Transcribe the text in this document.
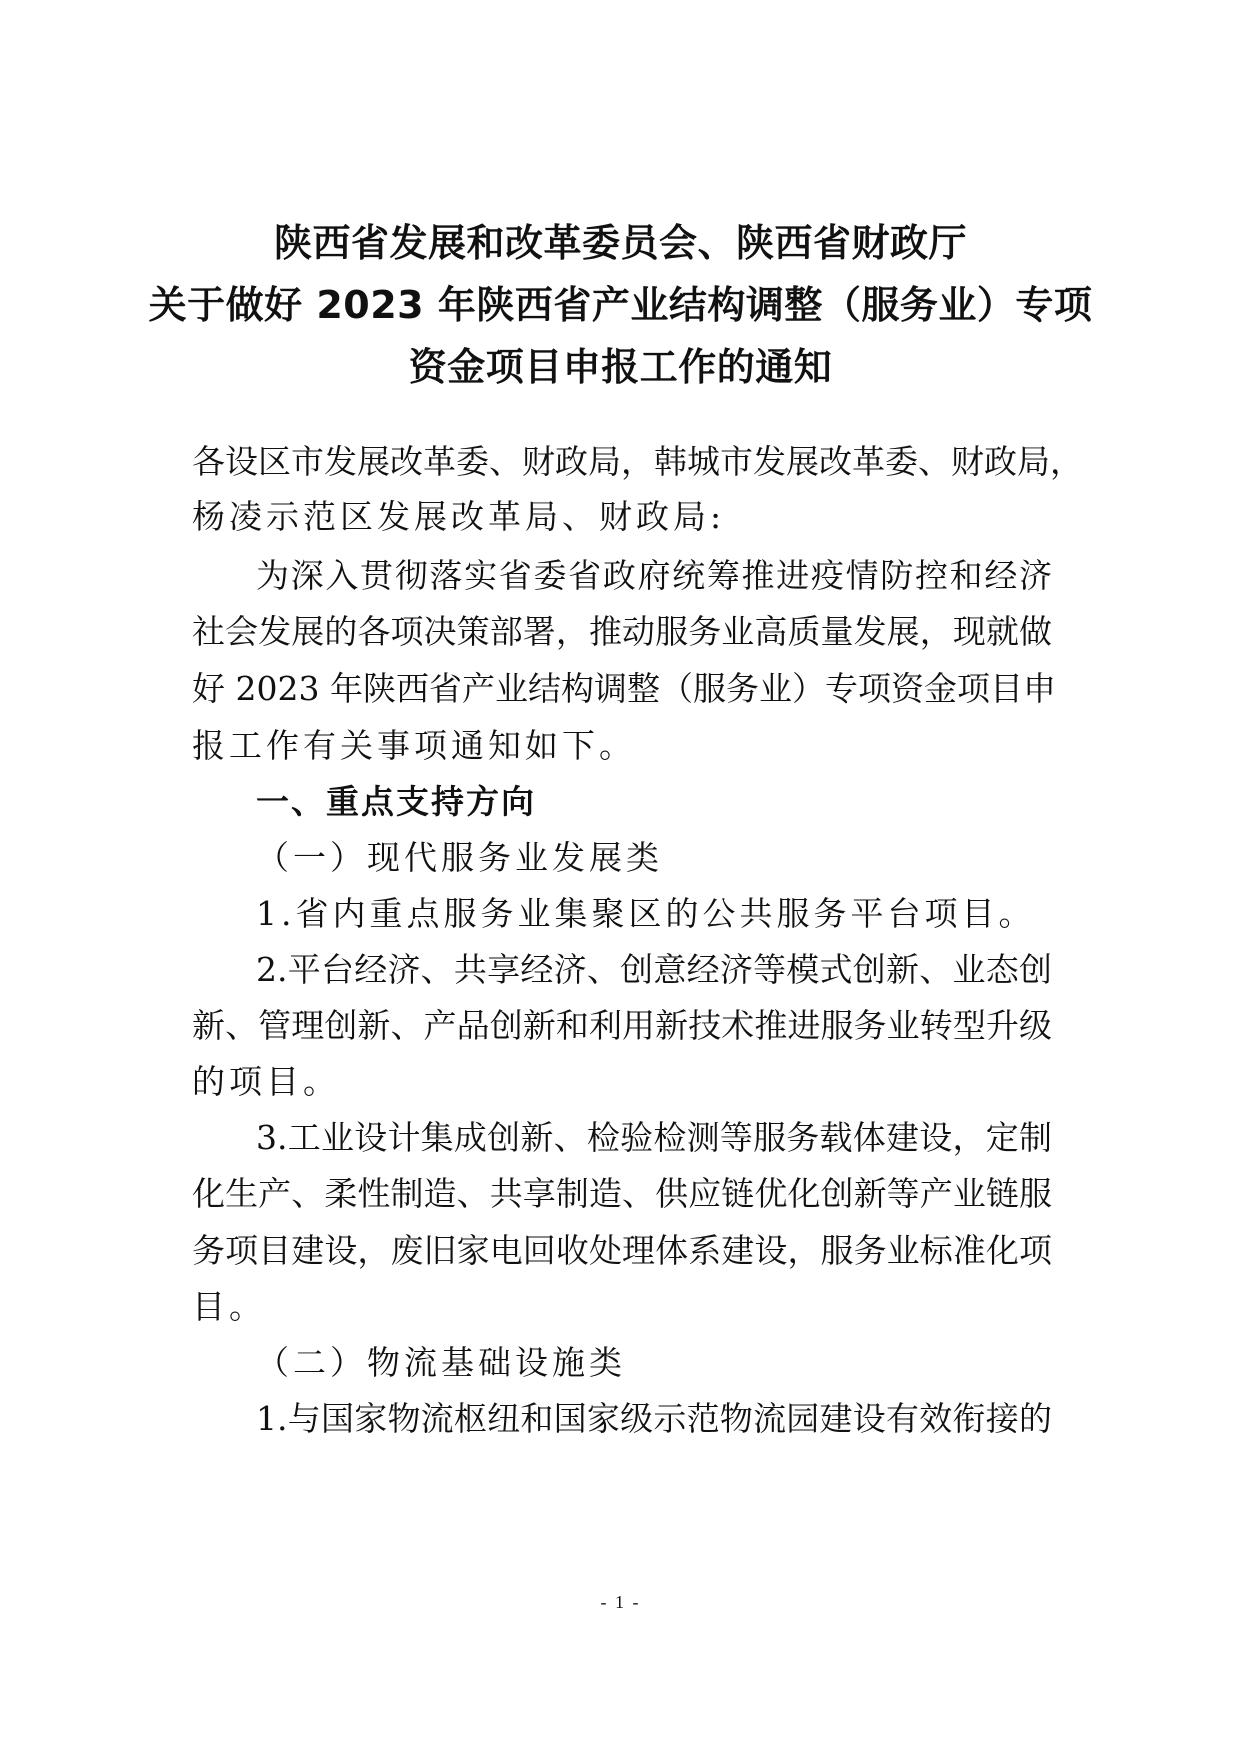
陕西省发展和改革委员会、陕西省财政厅
关于做好 2023 年陕西省产业结构调整（服务业）专项
资金项目申报工作的通知
各设区市发展改革委、财政局，韩城市发展改革委、财政局，
杨凌示范区发展改革局、财政局:
为深入贯彻落实省委省政府统筹推进疫情防控和经济
社会发展的各项决策部署，推动服务业高质量发展，现就做
好 2023 年陕西省产业结构调整（服务业）专项资金项目申
报工作有关事项通知如下。
一、重点支持方向
（一）现代服务业发展类
1.省内重点服务业集聚区的公共服务平台项目。
2.平台经济、共享经济、创意经济等模式创新、业态创
新、管理创新、产品创新和利用新技术推进服务业转型升级
的项目。
3.工业设计集成创新、检验检测等服务载体建设，定制
化生产、柔性制造、共享制造、供应链优化创新等产业链服
务项目建设，废旧家电回收处理体系建设，服务业标准化项
目。
（二）物流基础设施类
1.与国家物流枢纽和国家级示范物流园建设有效衔接的
- 1 -
